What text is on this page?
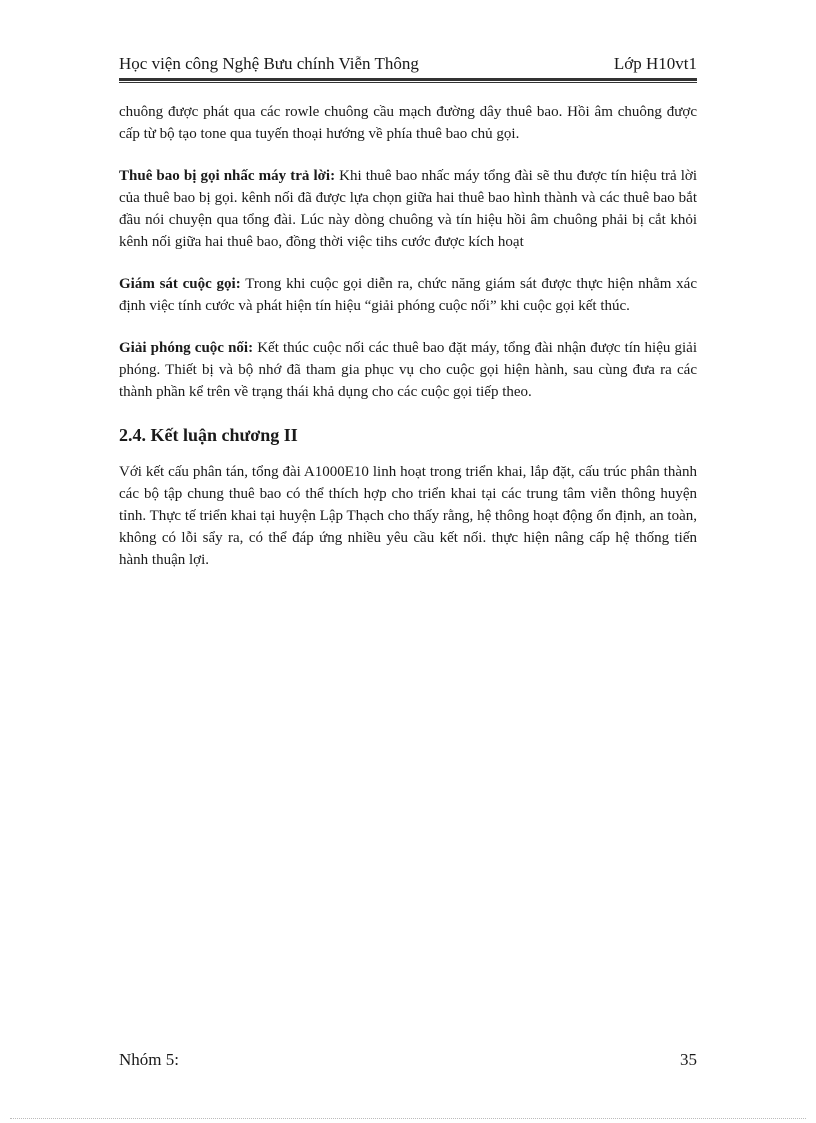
Học viện công Nghệ Bưu chính Viễn Thông	Lớp H10vt1

chuông được phát qua các rowle chuông cầu mạch đường dây thuê bao. Hồi âm chuông được cấp từ bộ tạo tone qua tuyến thoại hướng về phía thuê bao chủ gọi.

Thuê bao bị gọi nhấc máy trả lời: Khi thuê bao nhấc máy tổng đài sẽ thu được tín hiệu trả lời của thuê bao bị gọi. kênh nối đã được lựa chọn giữa hai thuê bao hình thành và các thuê bao bắt đầu nói chuyện qua tổng đài. Lúc này dòng chuông và tín hiệu hồi âm chuông phải bị cắt khỏi kênh nối giữa hai thuê bao, đồng thời việc tihs cước được kích hoạt

Giám sát cuộc gọi: Trong khi cuộc gọi diễn ra, chức năng giám sát được thực hiện nhằm xác định việc tính cước và phát hiện tín hiệu “giải phóng cuộc nối” khi cuộc gọi kết thúc.

Giải phóng cuộc nối: Kết thúc cuộc nối các thuê bao đặt máy, tổng đài nhận được tín hiệu giải phóng. Thiết bị và bộ nhớ đã tham gia phục vụ cho cuộc gọi hiện hành, sau cùng đưa ra các thành phần kể trên về trạng thái khả dụng cho các cuộc gọi tiếp theo.

2.4. Kết luận chương II

Với kết cấu phân tán, tổng đài A1000E10 linh hoạt trong triển khai, lắp đặt, cấu trúc phân thành các bộ tập chung thuê bao có thể thích hợp cho triển khai tại các trung tâm viễn thông huyện tỉnh. Thực tế triển khai tại huyện Lập Thạch cho thấy rằng, hệ thông hoạt động ổn định, an toàn, không có lỗi sẩy ra, có thể đáp ứng nhiều yêu cầu kết nối. thực hiện nâng cấp hệ thống tiến hành thuận lợi.

Nhóm 5:	35
